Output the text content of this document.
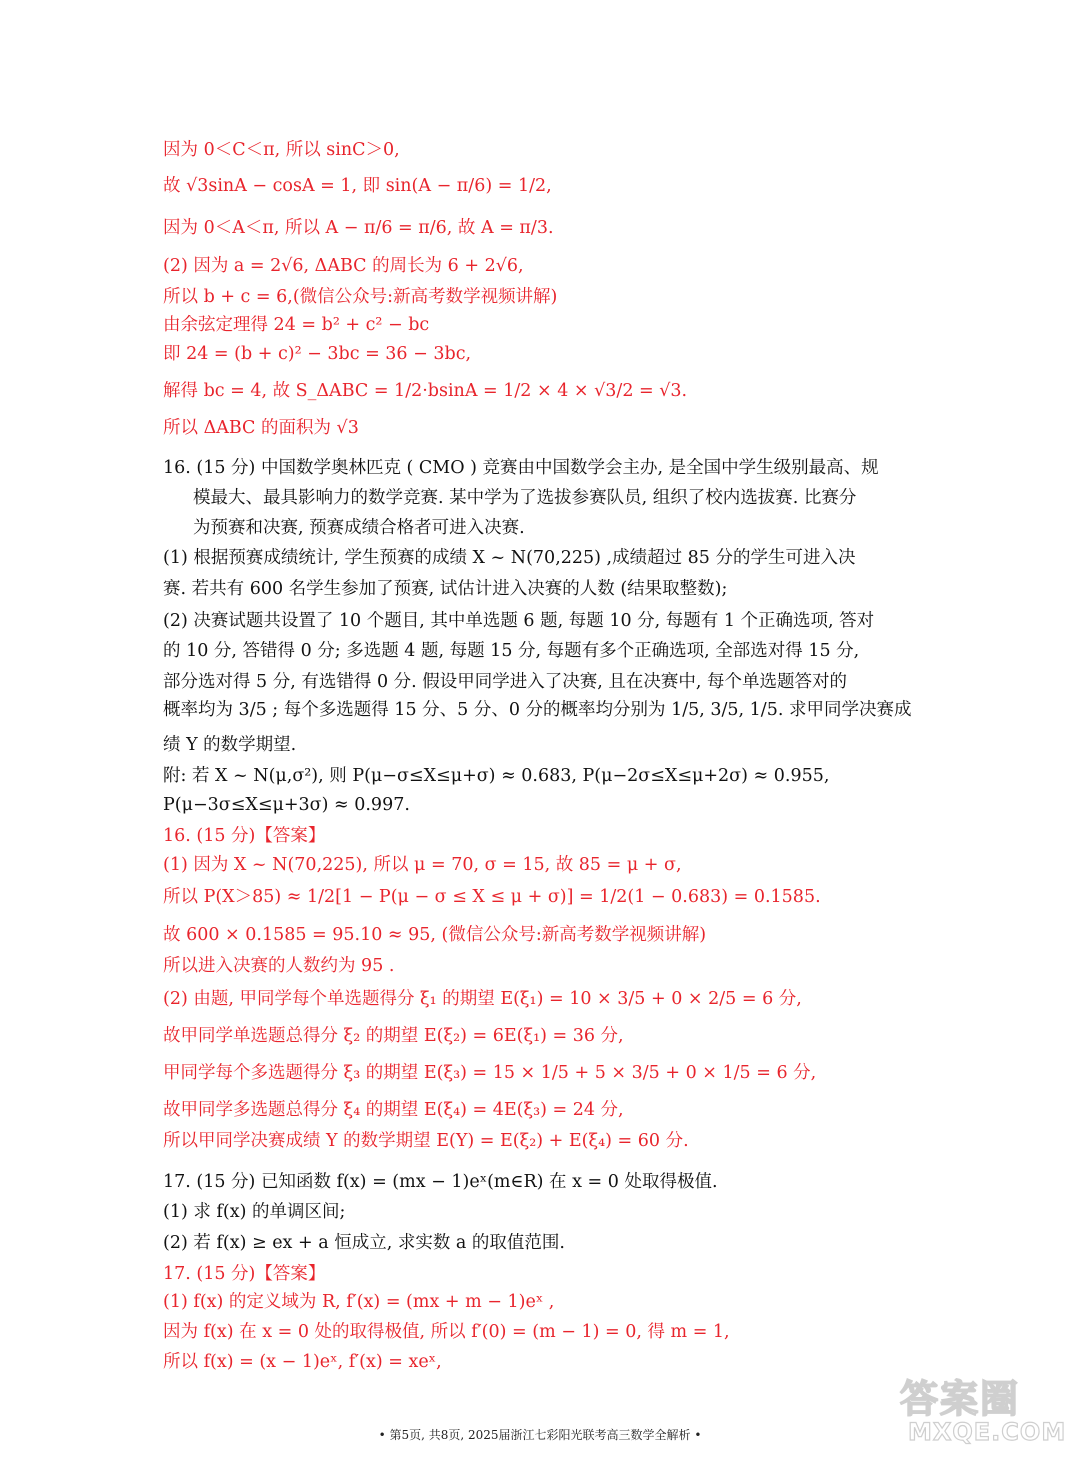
因为 0＜C＜π, 所以 sinC＞0,
故 √3sinA − cosA = 1, 即 sin(A − π/6) = 1/2,
因为 0＜A＜π, 所以 A − π/6 = π/6, 故 A = π/3.
(2) 因为 a = 2√6, ΔABC 的周长为 6 + 2√6,
所以 b + c = 6,(微信公众号:新高考数学视频讲解)
由余弦定理得 24 = b² + c² − bc
即 24 = (b + c)² − 3bc = 36 − 3bc,
解得 bc = 4, 故 S_ΔABC = 1/2·bsinA = 1/2 × 4 × √3/2 = √3.
所以 ΔABC 的面积为 √3
16. (15 分) 中国数学奥林匹克 ( CMO ) 竞赛由中国数学会主办, 是全国中学生级别最高、规
模最大、最具影响力的数学竞赛. 某中学为了选拔参赛队员, 组织了校内选拔赛. 比赛分
为预赛和决赛, 预赛成绩合格者可进入决赛.
(1) 根据预赛成绩统计, 学生预赛的成绩 X ~ N(70,225) ,成绩超过 85 分的学生可进入决
赛. 若共有 600 名学生参加了预赛, 试估计进入决赛的人数 (结果取整数);
(2) 决赛试题共设置了 10 个题目, 其中单选题 6 题, 每题 10 分, 每题有 1 个正确选项, 答对
的 10 分, 答错得 0 分; 多选题 4 题, 每题 15 分, 每题有多个正确选项, 全部选对得 15 分,
部分选对得 5 分, 有选错得 0 分. 假设甲同学进入了决赛, 且在决赛中, 每个单选题答对的
概率均为 3/5 ; 每个多选题得 15 分、5 分、0 分的概率均分别为 1/5, 3/5, 1/5. 求甲同学决赛成
绩 Y 的数学期望.
附: 若 X ~ N(μ,σ²), 则 P(μ−σ≤X≤μ+σ) ≈ 0.683, P(μ−2σ≤X≤μ+2σ) ≈ 0.955,
P(μ−3σ≤X≤μ+3σ) ≈ 0.997.
16. (15 分)【答案】
(1) 因为 X ~ N(70,225), 所以 μ = 70, σ = 15, 故 85 = μ + σ,
所以 P(X＞85) ≈ 1/2[1 − P(μ − σ ≤ X ≤ μ + σ)] = 1/2(1 − 0.683) = 0.1585.
故 600 × 0.1585 = 95.10 ≈ 95, (微信公众号:新高考数学视频讲解)
所以进入决赛的人数约为 95 .
(2) 由题, 甲同学每个单选题得分 ξ₁ 的期望 E(ξ₁) = 10 × 3/5 + 0 × 2/5 = 6 分,
故甲同学单选题总得分 ξ₂ 的期望 E(ξ₂) = 6E(ξ₁) = 36 分,
甲同学每个多选题得分 ξ₃ 的期望 E(ξ₃) = 15 × 1/5 + 5 × 3/5 + 0 × 1/5 = 6 分,
故甲同学多选题总得分 ξ₄ 的期望 E(ξ₄) = 4E(ξ₃) = 24 分,
所以甲同学决赛成绩 Y 的数学期望 E(Y) = E(ξ₂) + E(ξ₄) = 60 分.
17. (15 分) 已知函数 f(x) = (mx − 1)eˣ(m∈R) 在 x = 0 处取得极值.
(1) 求 f(x) 的单调区间;
(2) 若 f(x) ≥ ex + a 恒成立, 求实数 a 的取值范围.
17. (15 分)【答案】
(1) f(x) 的定义域为 R, f′(x) = (mx + m − 1)eˣ ,
因为 f(x) 在 x = 0 处的取得极值, 所以 f′(0) = (m − 1) = 0, 得 m = 1,
所以 f(x) = (x − 1)eˣ, f′(x) = xeˣ,
• 第5页, 共8页, 2025届浙江七彩阳光联考高三数学全解析 •
答案圈
MXQE.COM
